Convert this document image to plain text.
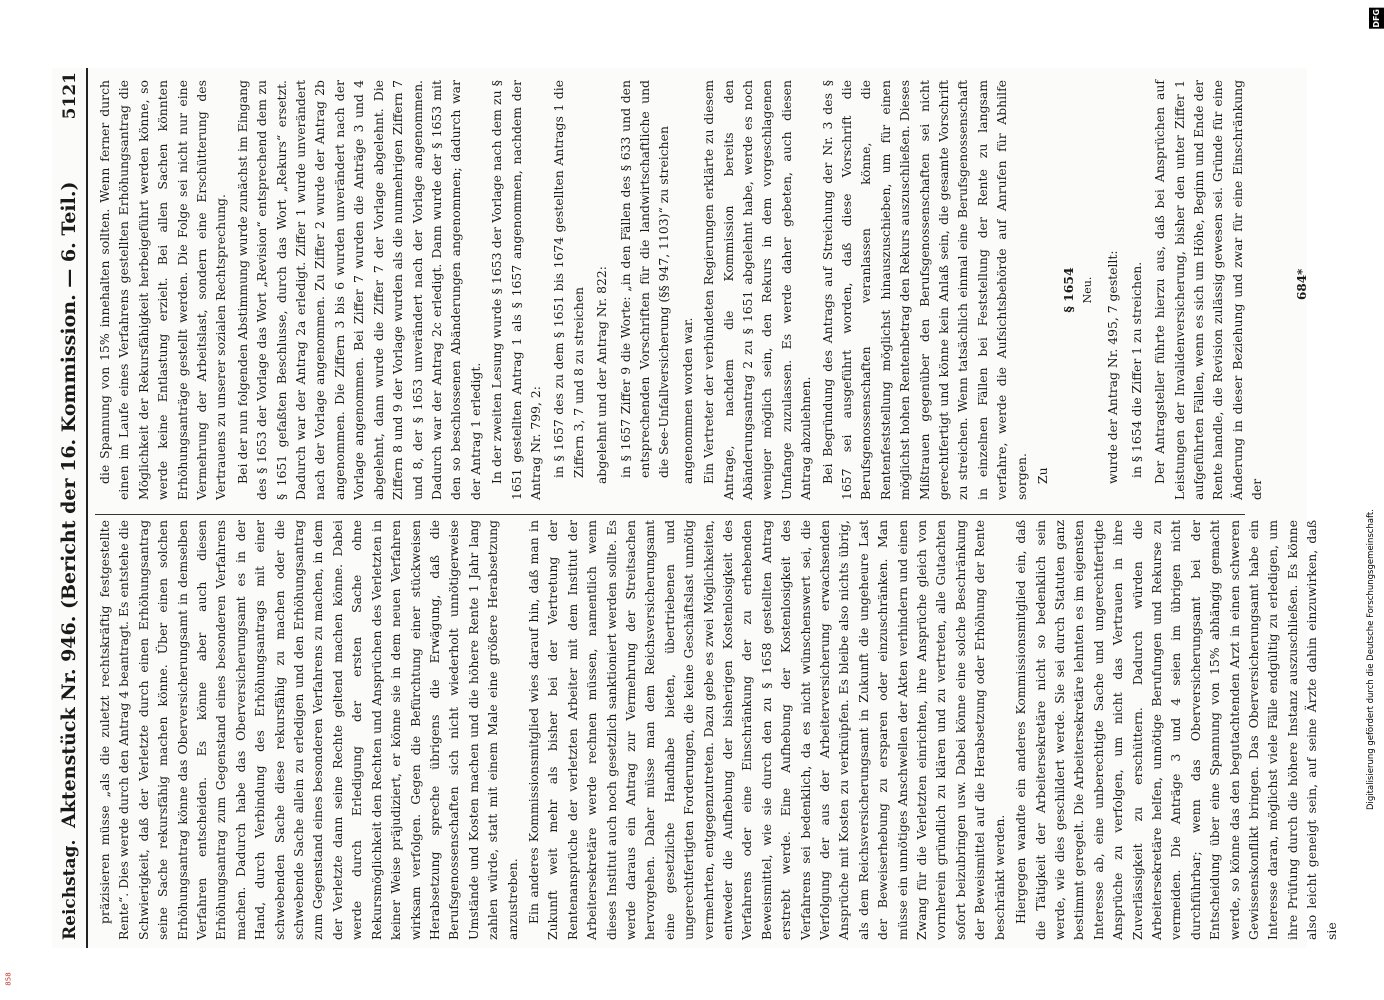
Reichstag.
Aktenstück Nr. 946. (Bericht der 16. Kommission. — 6. Teil.)
5121

präzisieren müsse „als die zuletzt rechtskräftig festgestellte Rente“. Dies werde durch den Antrag 4 beantragt. Es entstehe die Schwierigkeit, daß der Verletzte durch einen Erhöhungsantrag seine Sache rekursfähig machen könne. Über einen solchen Erhöhungsantrag könne das Oberversicherungsamt in demselben Verfahren entscheiden. Es könne aber auch diesen Erhöhungsantrag zum Gegenstand eines besonderen Verfahrens machen. Dadurch habe das Oberversicherungsamt es in der Hand, durch Verbindung des Erhöhungsantrags mit einer schwebenden Sache diese rekursfähig zu machen oder die schwebende Sache allein zu erledigen und den Erhöhungsantrag zum Gegenstand eines besonderen Verfahrens zu machen, in dem der Verletzte dann seine Rechte geltend machen könne. Dabei werde durch Erledigung der ersten Sache ohne Rekursmöglichkeit den Rechten und Ansprüchen des Verletzten in keiner Weise präjudiziert, er könne sie in dem neuen Verfahren wirksam verfolgen. Gegen die Befürchtung einer stückweisen Herabsetzung spreche übrigens die Erwägung, daß die Berufsgenossenschaften sich nicht wiederholt unnötigerweise Umstände und Kosten machen und die höhere Rente 1 Jahr lang zahlen würde, statt mit einem Male eine größere Herabsetzung anzustreben. Ein anderes Kommissionsmitglied wies darauf hin, daß man in Zukunft weit mehr als bisher bei der Vertretung der Rentenansprüche der verletzten Arbeiter mit dem Institut der Arbeitersekretäre werde rechnen müssen, namentlich wenn dieses Institut auch noch gesetzlich sanktioniert werden sollte. Es werde daraus ein Antrag zur Vermehrung der Streitsachen hervorgehen. Daher müsse man dem Reichsversicherungsamt eine gesetzliche Handhabe bieten, übertriebenen und ungerechtfertigten Forderungen, die keine Geschäftslast unnötig vermehrten, entgegenzutreten. Dazu gebe es zwei Möglichkeiten, entweder die Aufhebung der bisherigen Kostenlosigkeit des Verfahrens oder eine Einschränkung der zu erhebenden Beweismittel, wie sie durch den zu § 1658 gestellten Antrag erstrebt werde. Eine Aufhebung der Kostenlosigkeit des Verfahrens sei bedenklich, da es nicht wünschenswert sei, die Verfolgung der aus der Arbeiterversicherung erwachsenden Ansprüche mit Kosten zu verknüpfen. Es bleibe also nichts übrig, als dem Reichsversicherungsamt in Zukunft die ungeheure Last der Beweiserhebung zu ersparen oder einzuschränken. Man müsse ein unnötiges Anschwellen der Akten verhindern und einen Zwang für die Verletzten einrichten, ihre Ansprüche gleich von vornherein gründlich zu klären und zu vertreten, alle Gutachten sofort beizubringen usw. Dabei könne eine solche Beschränkung der Beweismittel auf die Herabsetzung oder Erhöhung der Rente beschränkt werden. Hiergegen wandte ein anderes Kommissionsmitglied ein, daß die Tätigkeit der Arbeitersekretäre nicht so bedenklich sein werde, wie dies geschildert werde. Sie sei durch Statuten ganz bestimmt geregelt. Die Arbeitersekretäre lehnten es im eigensten Interesse ab, eine unberechtigte Sache und ungerechtfertigte Ansprüche zu verfolgen, um nicht das Vertrauen in ihre Zuverlässigkeit zu erschüttern. Dadurch würden die Arbeitersekretäre helfen, unnötige Berufungen und Rekurse zu vermeiden. Die Anträge 3 und 4 seien im übrigen nicht durchführbar; wenn das Oberversicherungsamt bei der Entscheidung über eine Spannung von 15% abhängig gemacht werde, so könne das den begutachtenden Arzt in einen schweren Gewissenskonflikt bringen. Das Oberversicherungsamt habe ein Interesse daran, möglichst viele Fälle endgültig zu erledigen, um ihre Prüfung durch die höhere Instanz auszuschließen. Es könne also leicht geneigt sein, auf seine Ärzte dahin einzuwirken, daß sie

die Spannung von 15% innehalten sollten. Wenn ferner durch einen im Laufe eines Verfahrens gestellten Erhöhungsantrag die Möglichkeit der Rekursfähigkeit herbeigeführt werden könne, so werde keine Entlastung erzielt. Bei allen Sachen könnten Erhöhungsanträge gestellt werden. Die Folge sei nicht nur eine Vermehrung der Arbeitslast, sondern eine Erschütterung des Vertrauens zu unserer sozialen Rechtsprechung. Bei der nun folgenden Abstimmung wurde zunächst im Eingang des § 1653 der Vorlage das Wort „Revision“ entsprechend dem zu § 1651 gefaßten Beschlusse, durch das Wort „Rekurs“ ersetzt. Dadurch war der Antrag 2a erledigt. Ziffer 1 wurde unverändert nach der Vorlage angenommen. Zu Ziffer 2 wurde der Antrag 2b angenommen. Die Ziffern 3 bis 6 wurden unverändert nach der Vorlage angenommen. Bei Ziffer 7 wurden die Anträge 3 und 4 abgelehnt, dann wurde die Ziffer 7 der Vorlage abgelehnt. Die Ziffern 8 und 9 der Vorlage wurden als die nunmehrigen Ziffern 7 und 8, der § 1653 unverändert nach der Vorlage angenommen. Dadurch war der Antrag 2c erledigt. Dann wurde der § 1653 mit den so beschlossenen Abänderungen angenommen; dadurch war der Antrag 1 erledigt. In der zweiten Lesung wurde § 1653 der Vorlage nach dem zu § 1651 gestellten Antrag 1 als § 1657 angenommen, nachdem der Antrag Nr. 799, 2: in § 1657 des zu dem § 1651 bis 1674 gestellten Antrags 1 die Ziffern 3, 7 und 8 zu streichen abgelehnt und der Antrag Nr. 822: in § 1657 Ziffer 9 die Worte: „in den Fällen des § 633 und den entsprechenden Vorschriften für die landwirtschaftliche und die See-Unfallversicherung (§§ 947, 1103)“ zu streichen angenommen worden war. Ein Vertreter der verbündeten Regierungen erklärte zu diesem Antrage, nachdem die Kommission bereits den Abänderungsantrag 2 zu § 1651 abgelehnt habe, werde es noch weniger möglich sein, den Rekurs in dem vorgeschlagenen Umfange zuzulassen. Es werde daher gebeten, auch diesen Antrag abzulehnen. Bei Begründung des Antrags auf Streichung der Nr. 3 des § 1657 sei ausgeführt worden, daß diese Vorschrift die Berufsgenossenschaften veranlassen könne, die Rentenfeststellung möglichst hinauszuschieben, um für einen möglichst hohen Rentenbetrag den Rekurs auszuschließen. Dieses Mißtrauen gegenüber den Berufsgenossenschaften sei nicht gerechtfertigt und könne kein Anlaß sein, die gesamte Vorschrift zu streichen. Wenn tatsächlich einmal eine Berufsgenossenschaft in einzelnen Fällen bei Feststellung der Rente zu langsam verfahre, werde die Aufsichtsbehörde auf Anrufen für Abhilfe sorgen. Zu

§ 1654 Neu. wurde der Antrag Nr. 495, 7 gestellt: in § 1654 die Ziffer 1 zu streichen. Der Antragsteller führte hierzu aus, daß bei Ansprüchen auf Leistungen der Invalidenversicherung, bisher den unter Ziffer 1 aufgeführten Fällen, wenn es sich um Höhe, Beginn und Ende der Rente handle, die Revision zulässig gewesen sei. Gründe für eine Änderung in dieser Beziehung und zwar für eine Einschränkung der

684*
Digitalisierung gefördert durch die Deutsche Forschungsgemeinschaft.
DFG
858
